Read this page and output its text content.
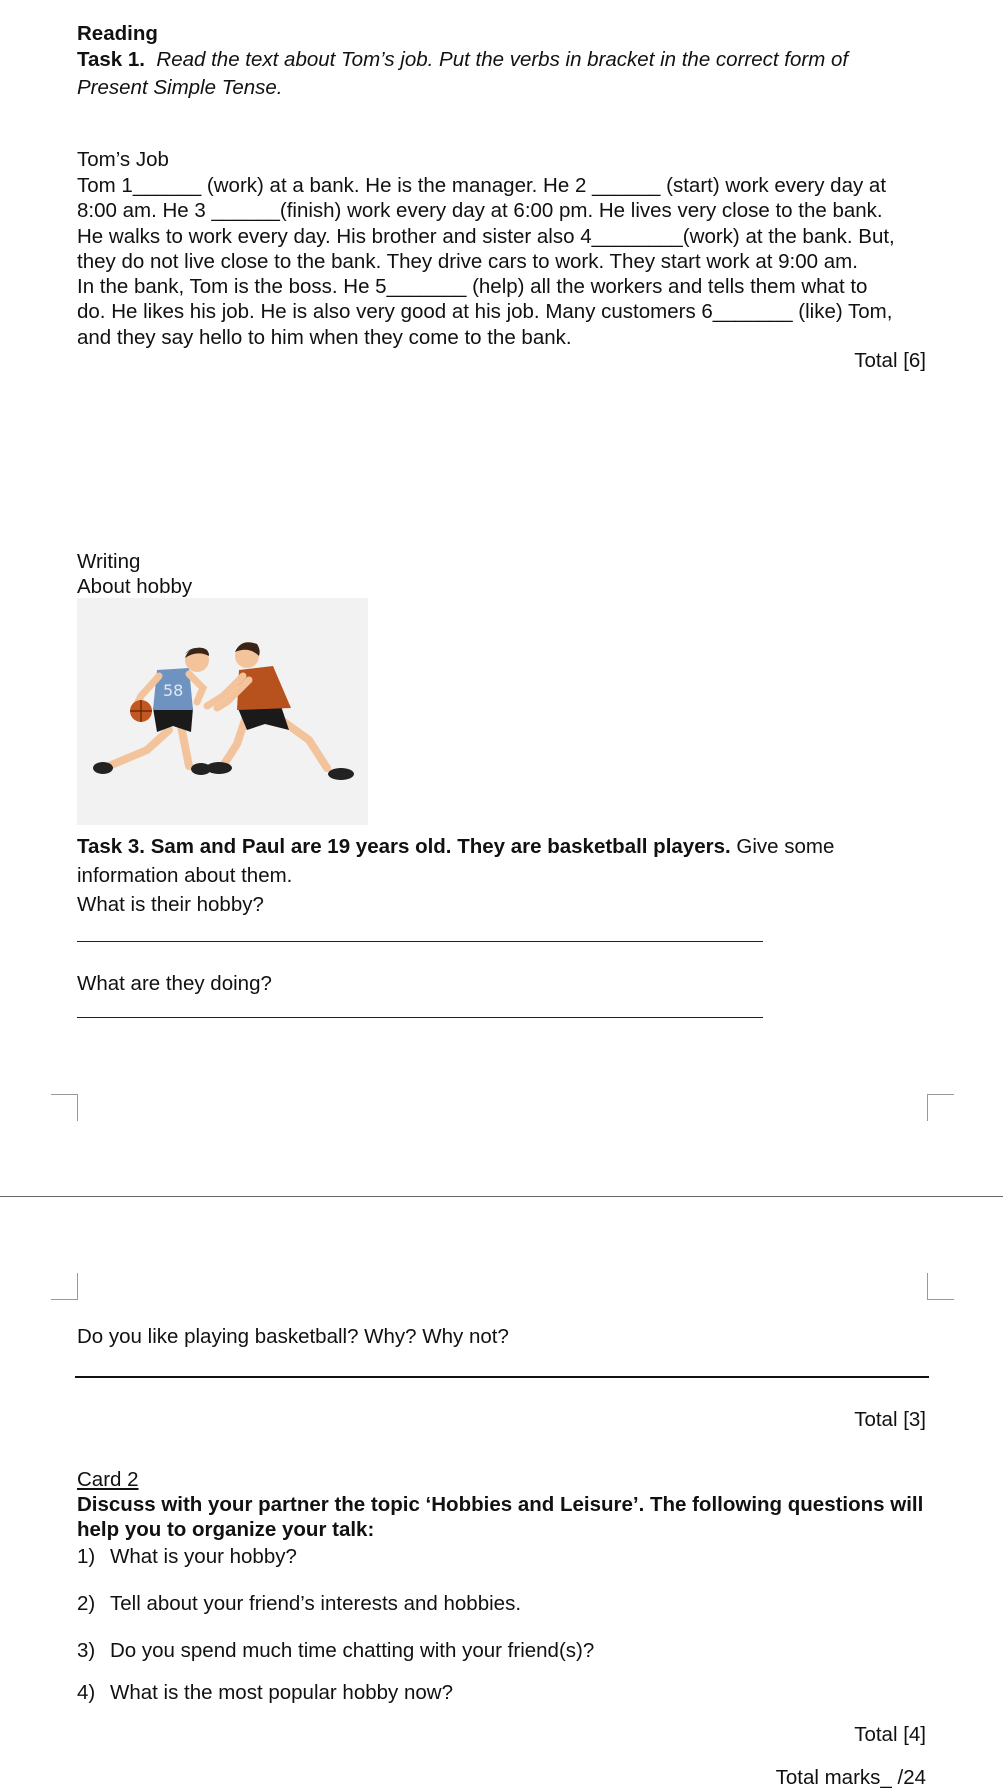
Reading
Task 1. Read the text about Tom’s job. Put the verbs in bracket in the correct form of
Present Simple Tense.
Tom’s Job

Tom 1______ (work) at a bank. He is the manager. He 2 ______ (start) work every day at

8:00 am. He 3 ______(finish) work every day at 6:00 pm. He lives very close to the bank.

He walks to work every day. His brother and sister also 4________(work) at the bank. But,

they do not live close to the bank. They drive cars to work. They start work at 9:00 am.

In the bank, Tom is the boss. He 5_______ (help) all the workers and tells them what to

do. He likes his job. He is also very good at his job. Many customers 6_______ (like) Tom,

and they say hello to him when they come to the bank.

Total [6]
Writing
About hobby
58
Task 3. Sam and Paul are 19 years old. They are basketball players. Give some
information about them.
What is their hobby?
What are they doing?
Do you like playing basketball? Why? Why not?
Total [3]
Card 2
Discuss with your partner the topic ‘Hobbies and Leisure’. The following questions will
help you to organize your talk:
1) What is your hobby?
2) Tell about your friend’s interests and hobbies.
3) Do you spend much time chatting with your friend(s)?
4) What is the most popular hobby now?
Total [4]
Total marks_ /24
